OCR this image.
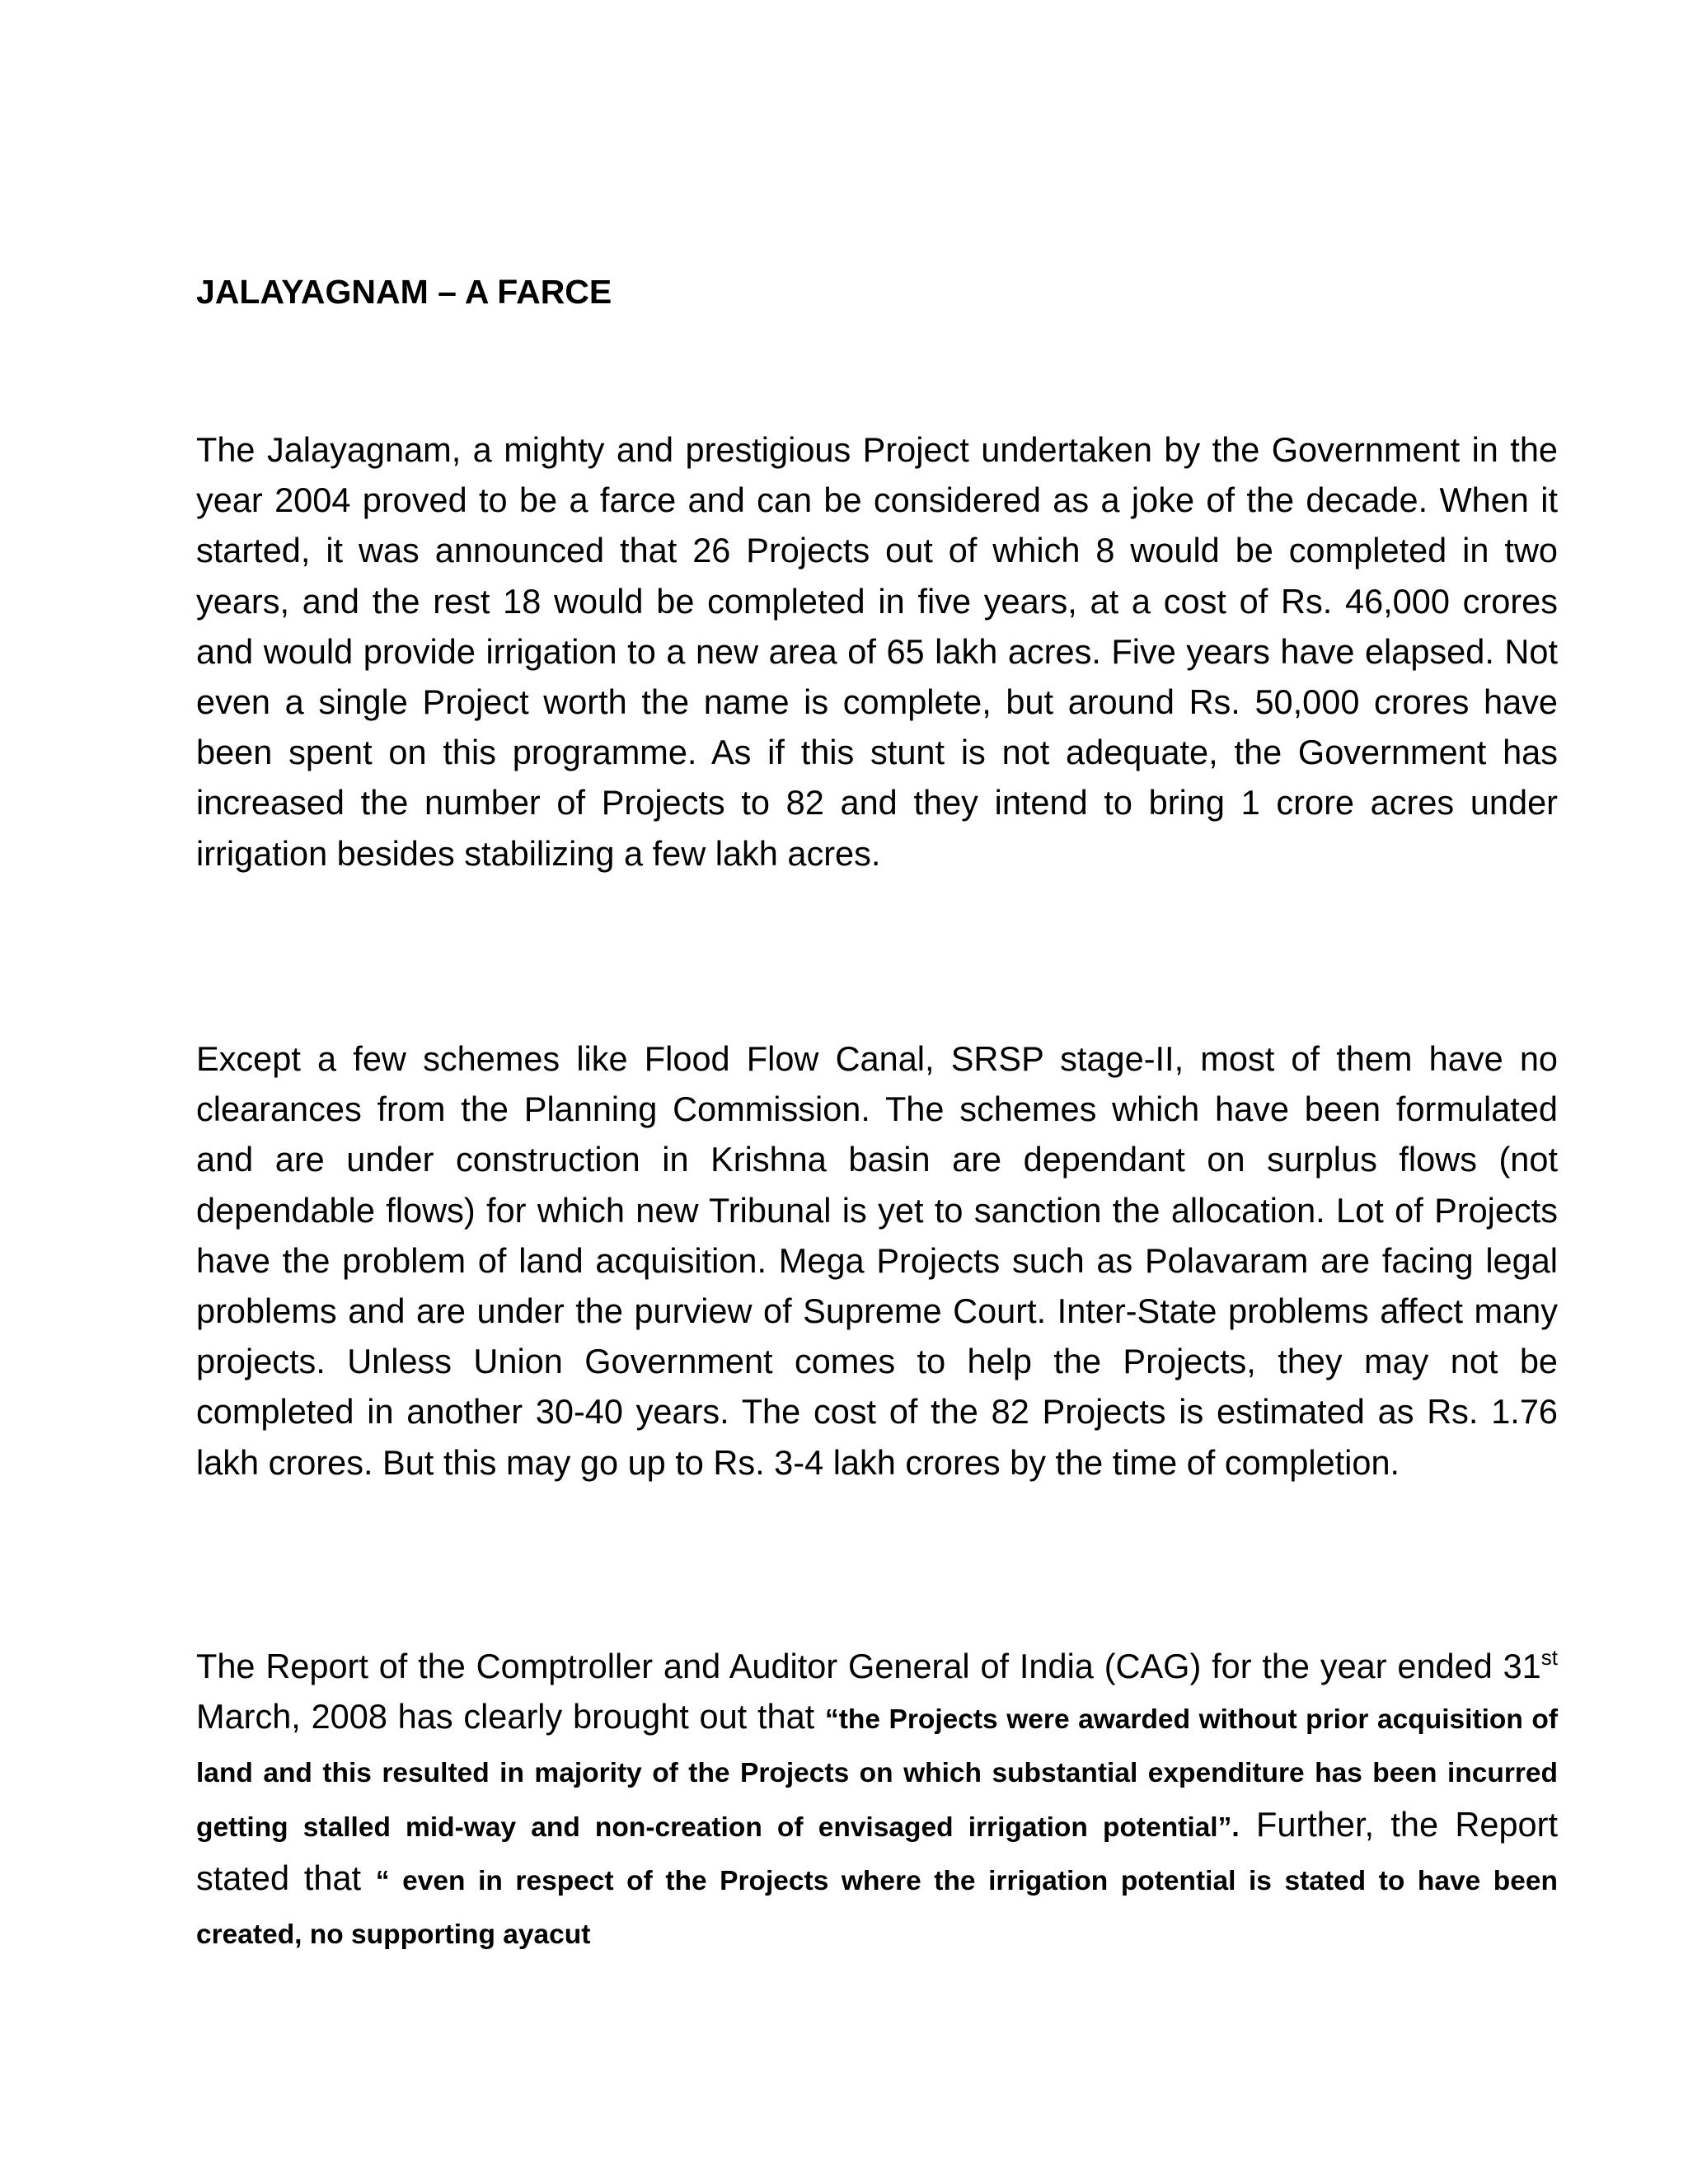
JALAYAGNAM – A FARCE

The Jalayagnam, a mighty and prestigious Project undertaken by the Government in the year 2004 proved to be a farce and can be considered as a joke of the decade. When it started, it was announced that 26 Projects out of which 8 would be completed in two years, and the rest 18 would be completed in five years, at a cost of Rs. 46,000 crores and would provide irrigation to a new area of 65 lakh acres. Five years have elapsed. Not even a single Project worth the name is complete, but around Rs. 50,000 crores have been spent on this programme. As if this stunt is not adequate, the Government has increased the number of Projects to 82 and they intend to bring 1 crore acres under irrigation besides stabilizing a few lakh acres.

Except a few schemes like Flood Flow Canal, SRSP stage-II, most of them have no clearances from the Planning Commission. The schemes which have been formulated and are under construction in Krishna basin are dependant on surplus flows (not dependable flows) for which new Tribunal is yet to sanction the allocation. Lot of Projects have the problem of land acquisition. Mega Projects such as Polavaram are facing legal problems and are under the purview of Supreme Court. Inter-State problems affect many projects. Unless Union Government comes to help the Projects, they may not be completed in another 30-40 years. The cost of the 82 Projects is estimated as Rs. 1.76 lakh crores. But this may go up to Rs. 3-4 lakh crores by the time of completion.

The Report of the Comptroller and Auditor General of India (CAG) for the year ended 31st March, 2008 has clearly brought out that “the Projects were awarded without prior acquisition of land and this resulted in majority of the Projects on which substantial expenditure has been incurred getting stalled mid-way and non-creation of envisaged irrigation potential”. Further, the Report stated that “ even in respect of the Projects where the irrigation potential is stated to have been created, no supporting ayacut
